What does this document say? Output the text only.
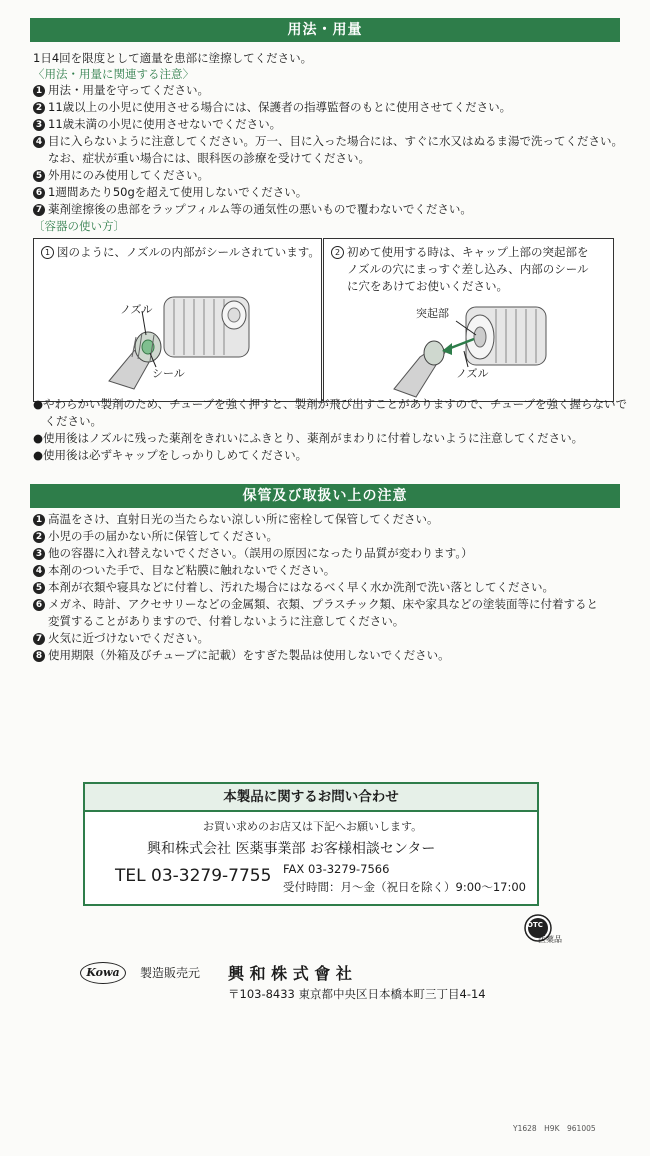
用法・用量
1日4回を限度として適量を患部に塗擦してください。
〈用法・用量に関連する注意〉
1 用法・用量を守ってください。
2 11歳以上の小児に使用させる場合には、保護者の指導監督のもとに使用させてください。
3 11歳未満の小児に使用させないでください。
4 目に入らないように注意してください。万一、目に入った場合には、すぐに水又はぬるま湯で洗ってください。
なお、症状が重い場合には、眼科医の診療を受けてください。
5 外用にのみ使用してください。
6 1週間あたり50gを超えて使用しないでください。
7 薬剤塗擦後の患部をラップフィルム等の通気性の悪いもので覆わないでください。
〔容器の使い方〕
1 図のように、ノズルの内部がシールされています。
ノズル
シール
2 初めて使用する時は、キャップ上部の突起部を
ノズルの穴にまっすぐ差し込み、内部のシール
に穴をあけてお使いください。
突起部
ノズル
●やわらかい製剤のため、チューブを強く押すと、製剤が飛び出すことがありますので、チューブを強く握らないで
　ください。
●使用後はノズルに残った薬剤をきれいにふきとり、薬剤がまわりに付着しないように注意してください。
●使用後は必ずキャップをしっかりしめてください。
保管及び取扱い上の注意
1 高温をさけ、直射日光の当たらない涼しい所に密栓して保管してください。
2 小児の手の届かない所に保管してください。
3 他の容器に入れ替えないでください。（誤用の原因になったり品質が変わります。）
4 本剤のついた手で、目など粘膜に触れないでください。
5 本剤が衣類や寝具などに付着し、汚れた場合にはなるべく早く水か洗剤で洗い落としてください。
6 メガネ、時計、アクセサリーなどの金属類、衣類、プラスチック類、床や家具などの塗装面等に付着すると
変質することがありますので、付着しないように注意してください。
7 火気に近づけないでください。
8 使用期限（外箱及びチューブに記載）をすぎた製品は使用しないでください。
本製品に関するお問い合わせ
お買い求めのお店又は下記へお願いします。
興和株式会社 医薬事業部 お客様相談センター
TEL 03-3279-7755 FAX 03-3279-7566
受付時間：月～金（祝日を除く）9:00～17:00
OTC
医薬品
Kowa	製造販売元 興 和 株 式 會 社
〒103-8433 東京都中央区日本橋本町三丁目4-14
Y1628　H9K　961005
